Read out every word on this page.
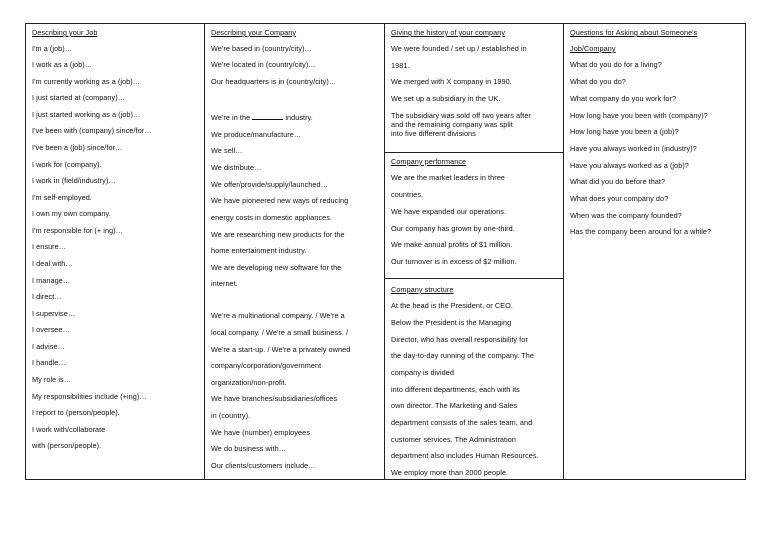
Describing your Job
I'm a (job)…
I work as a (job)…
I'm currently working as a (job)…
I just started at (company)…
I just started working as a (job)…
I've been with (company) since/for…
I've been a (job) since/for…
I work for (company).
I work in (field/industry)…
I'm self-employed.
I own my own company.
I'm responsible for (+ ing)…
I ensure…
I deal with…
I manage…
I direct…
I supervise…
I oversee…
I advise…
I handle…
My role is…
My responsibilities include (+ing)…
I report to (person/people).
I work with/collaborate
with (person/people).
Describing your Company
We're based in (country/city)…
We're located in (country/city)…
Our headquarters is in (country/city)…
We're in the	industry.
We produce/manufacture…
We sell…
We distribute…
We offer/provide/supply/launched…
We have pioneered new ways of reducing
energy costs in domestic appliances.
We are researching new products for the
home entertainment industry.
We are developing new software for the
internet.
We're a multinational company. / We're a
local company. / We're a small business. /
We're a start-up. / We're a privately owned
company/corporation/government
organization/non-profit.
We have branches/subsidiaries/offices
in (country).
We have (number) employees.
We do business with…
Our clients/customers include…
Giving the history of your company
We were founded / set up / established in
1981.
We merged with X company in 1990.
We set up a subsidiary in the UK.
The subsidiary was sold off two years after
and the remaining company was split
into five different divisions
Company performance
We are the market leaders in three
countries.
We have expanded our operations.
Our company has grown by one-third.
We make annual profits of $1 million.
Our turnover is in excess of $2 million.
Company structure
At the head is the President, or CEO.
Below the President is the Managing
Director, who has overall responsibility for
the day-to-day running of the company. The
company is divided
into different departments, each with its
own director. The Marketing and Sales
department consists of the sales team, and
customer services. The Administration
department also includes Human Resources.
We employ more than 2000 people.
Questions for Asking about Someone's
Job/Company
What do you do for a living?
What do you do?
What company do you work for?
How long have you been with (company)?
How long have you been a (job)?
Have you always worked in (industry)?
Have you always worked as a (job)?
What did you do before that?
What does your company do?
When was the company founded?
Has the company been around for a while?
